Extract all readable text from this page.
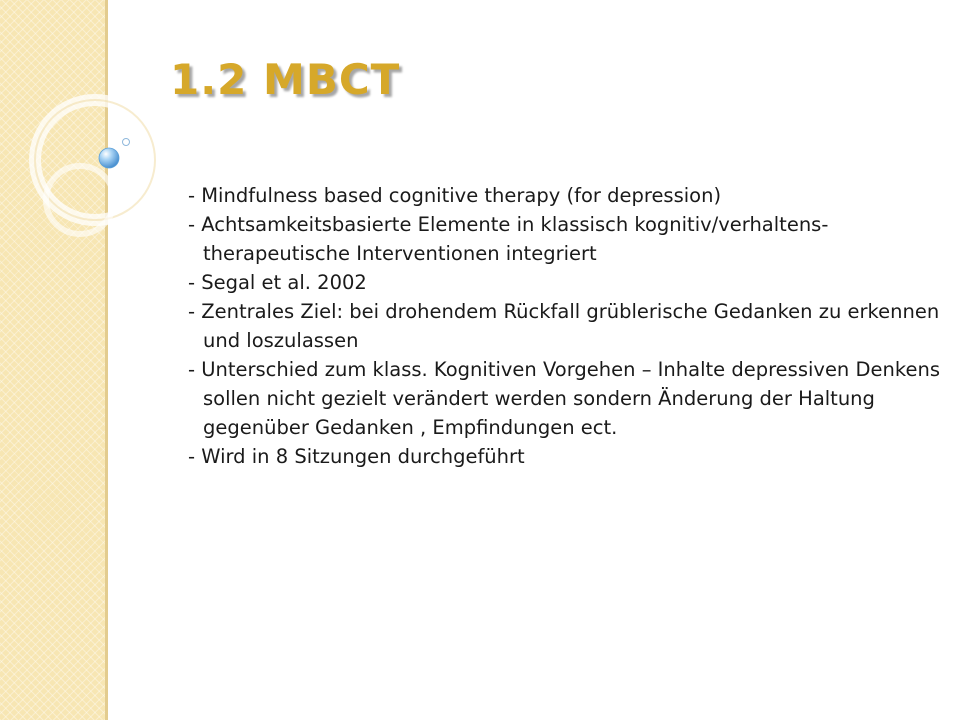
1.2 MBCT
- Mindfulness based cognitive therapy (for depression)
- Achtsamkeitsbasierte Elemente in klassisch kognitiv/verhaltens-
therapeutische Interventionen integriert
- Segal et al. 2002
- Zentrales Ziel: bei drohendem Rückfall grüblerische Gedanken zu erkennen
und loszulassen
- Unterschied zum klass. Kognitiven Vorgehen – Inhalte depressiven Denkens
sollen nicht gezielt verändert werden sondern Änderung der Haltung
gegenüber Gedanken , Empfindungen ect.
- Wird in 8 Sitzungen durchgeführt
